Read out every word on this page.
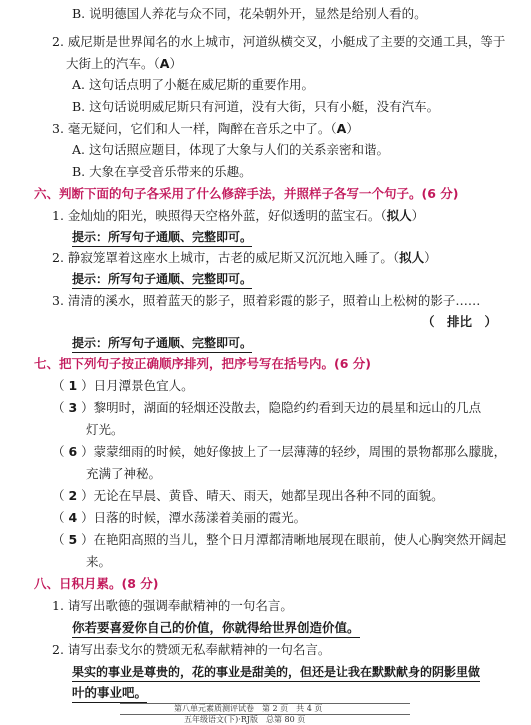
B. 说明德国人养花与众不同，花朵朝外开，显然是给别人看的。
2. 威尼斯是世界闻名的水上城市，河道纵横交叉，小艇成了主要的交通工具，等于
大街上的汽车。（A）
A. 这句话点明了小艇在威尼斯的重要作用。
B. 这句话说明威尼斯只有河道，没有大街，只有小艇，没有汽车。
3. 毫无疑问，它们和人一样，陶醉在音乐之中了。（A）
A. 这句话照应题目，体现了大象与人们的关系亲密和谐。
B. 大象在享受音乐带来的乐趣。
六、判断下面的句子各采用了什么修辞手法，并照样子各写一个句子。(6 分)
1. 金灿灿的阳光，映照得天空格外蓝，好似透明的蓝宝石。（拟人）
提示：所写句子通顺、完整即可。
2. 静寂笼罩着这座水上城市，古老的威尼斯又沉沉地入睡了。（拟人）
提示：所写句子通顺、完整即可。
3. 清清的溪水，照着蓝天的影子，照着彩霞的影子，照着山上松树的影子……
（　排比　）
提示：所写句子通顺、完整即可。
七、把下列句子按正确顺序排列，把序号写在括号内。(6 分)
（ 1 ）日月潭景色宜人。
（ 3 ）黎明时，湖面的轻烟还没散去，隐隐约约看到天边的晨星和远山的几点
灯光。
（ 6 ）蒙蒙细雨的时候，她好像披上了一层薄薄的轻纱，周围的景物都那么朦胧，
充满了神秘。
（ 2 ）无论在早晨、黄昏、晴天、雨天，她都呈现出各种不同的面貌。
（ 4 ）日落的时候，潭水荡漾着美丽的霞光。
（ 5 ）在艳阳高照的当儿，整个日月潭都清晰地展现在眼前，使人心胸突然开阔起
来。
八、日积月累。(8 分)
1. 请写出歌德的强调奉献精神的一句名言。
你若要喜爱你自己的价值，你就得给世界创造价值。
2. 请写出泰戈尔的赞颂无私奉献精神的一句名言。
果实的事业是尊贵的，花的事业是甜美的，但还是让我在默默献身的阴影里做
叶的事业吧。
第八单元素质测评试卷　第 2 页　共 4 页
五年级语文(下)·RJ版　总第 80 页
